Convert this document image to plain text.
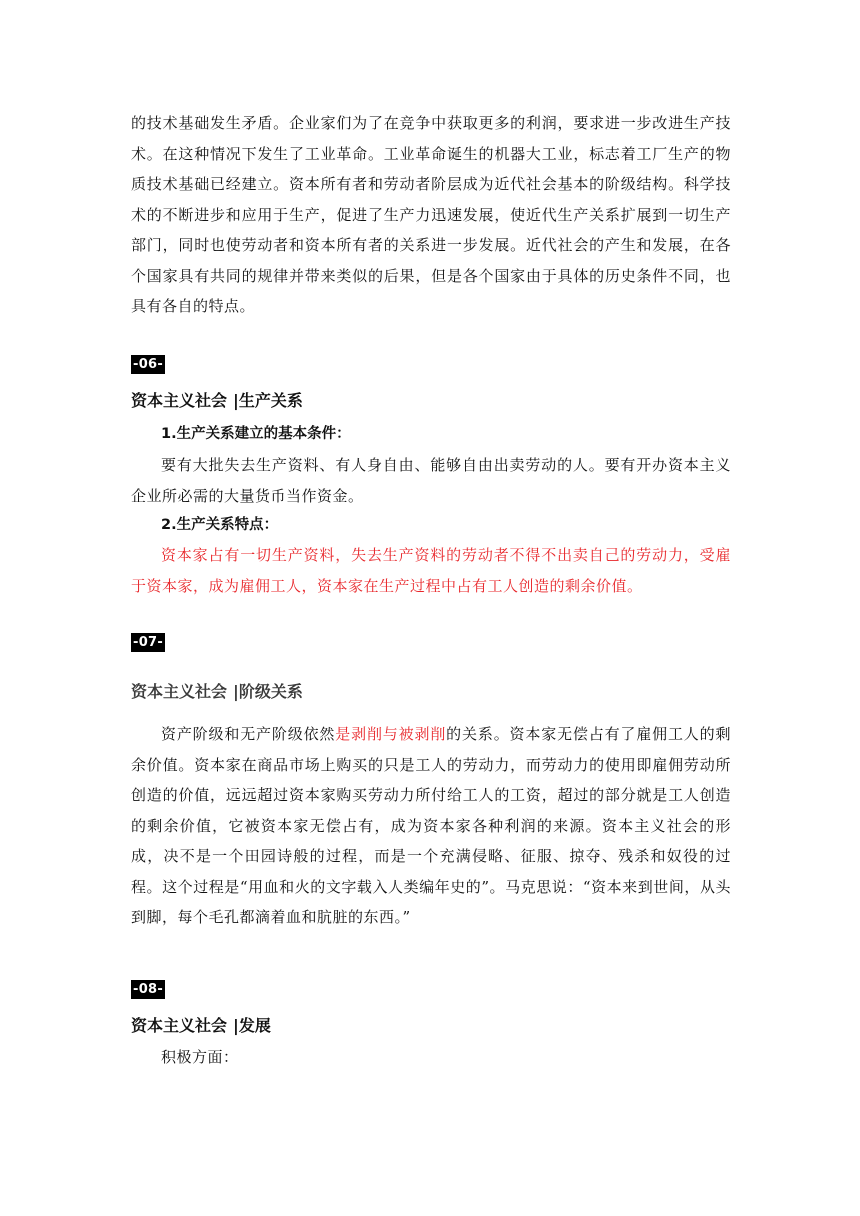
的技术基础发生矛盾。企业家们为了在竞争中获取更多的利润，要求进一步改进生产技术。在这种情况下发生了工业革命。工业革命诞生的机器大工业，标志着工厂生产的物质技术基础已经建立。资本所有者和劳动者阶层成为近代社会基本的阶级结构。科学技术的不断进步和应用于生产，促进了生产力迅速发展，使近代生产关系扩展到一切生产部门，同时也使劳动者和资本所有者的关系进一步发展。近代社会的产生和发展，在各个国家具有共同的规律并带来类似的后果，但是各个国家由于具体的历史条件不同，也具有各自的特点。

-06-
资本主义社会 |生产关系
1.生产关系建立的基本条件：

要有大批失去生产资料、有人身自由、能够自由出卖劳动的人。要有开办资本主义企业所必需的大量货币当作资金。

2.生产关系特点：

资本家占有一切生产资料，失去生产资料的劳动者不得不出卖自己的劳动力，受雇于资本家，成为雇佣工人，资本家在生产过程中占有工人创造的剩余价值。

-07-
资本主义社会 |阶级关系

资产阶级和无产阶级依然是剥削与被剥削的关系。资本家无偿占有了雇佣工人的剩余价值。资本家在商品市场上购买的只是工人的劳动力，而劳动力的使用即雇佣劳动所创造的价值，远远超过资本家购买劳动力所付给工人的工资，超过的部分就是工人创造的剩余价值，它被资本家无偿占有，成为资本家各种利润的来源。资本主义社会的形成，决不是一个田园诗般的过程，而是一个充满侵略、征服、掠夺、残杀和奴役的过程。这个过程是“用血和火的文字载入人类编年史的”。马克思说：“资本来到世间，从头到脚，每个毛孔都滴着血和肮脏的东西。”

-08-
资本主义社会 |发展

积极方面：
